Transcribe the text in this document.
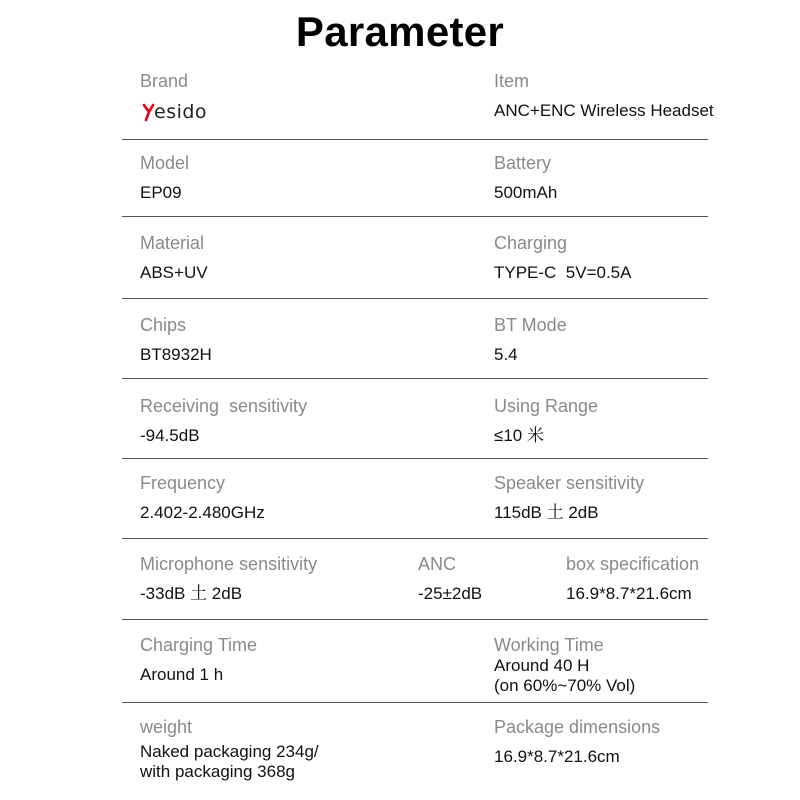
Parameter
Brand
esido
Item
ANC+ENC Wireless Headset
Model
EP09
Battery
500mAh
Material
ABS+UV
Charging
TYPE-C  5V=0.5A
Chips
BT8932H
BT Mode
5.4
Receiving  sensitivity
-94.5dB
Using Range
≤10 米
Frequency
2.402-2.480GHz
Speaker sensitivity
115dB 土 2dB
Microphone sensitivity
-33dB 土 2dB
ANC
-25±2dB
box specification
16.9*8.7*21.6cm
Charging Time
Around 1 h
Working Time
Around 40 H
(on 60%~70% Vol)
weight
Naked packaging 234g/
with packaging 368g
Package dimensions
16.9*8.7*21.6cm
